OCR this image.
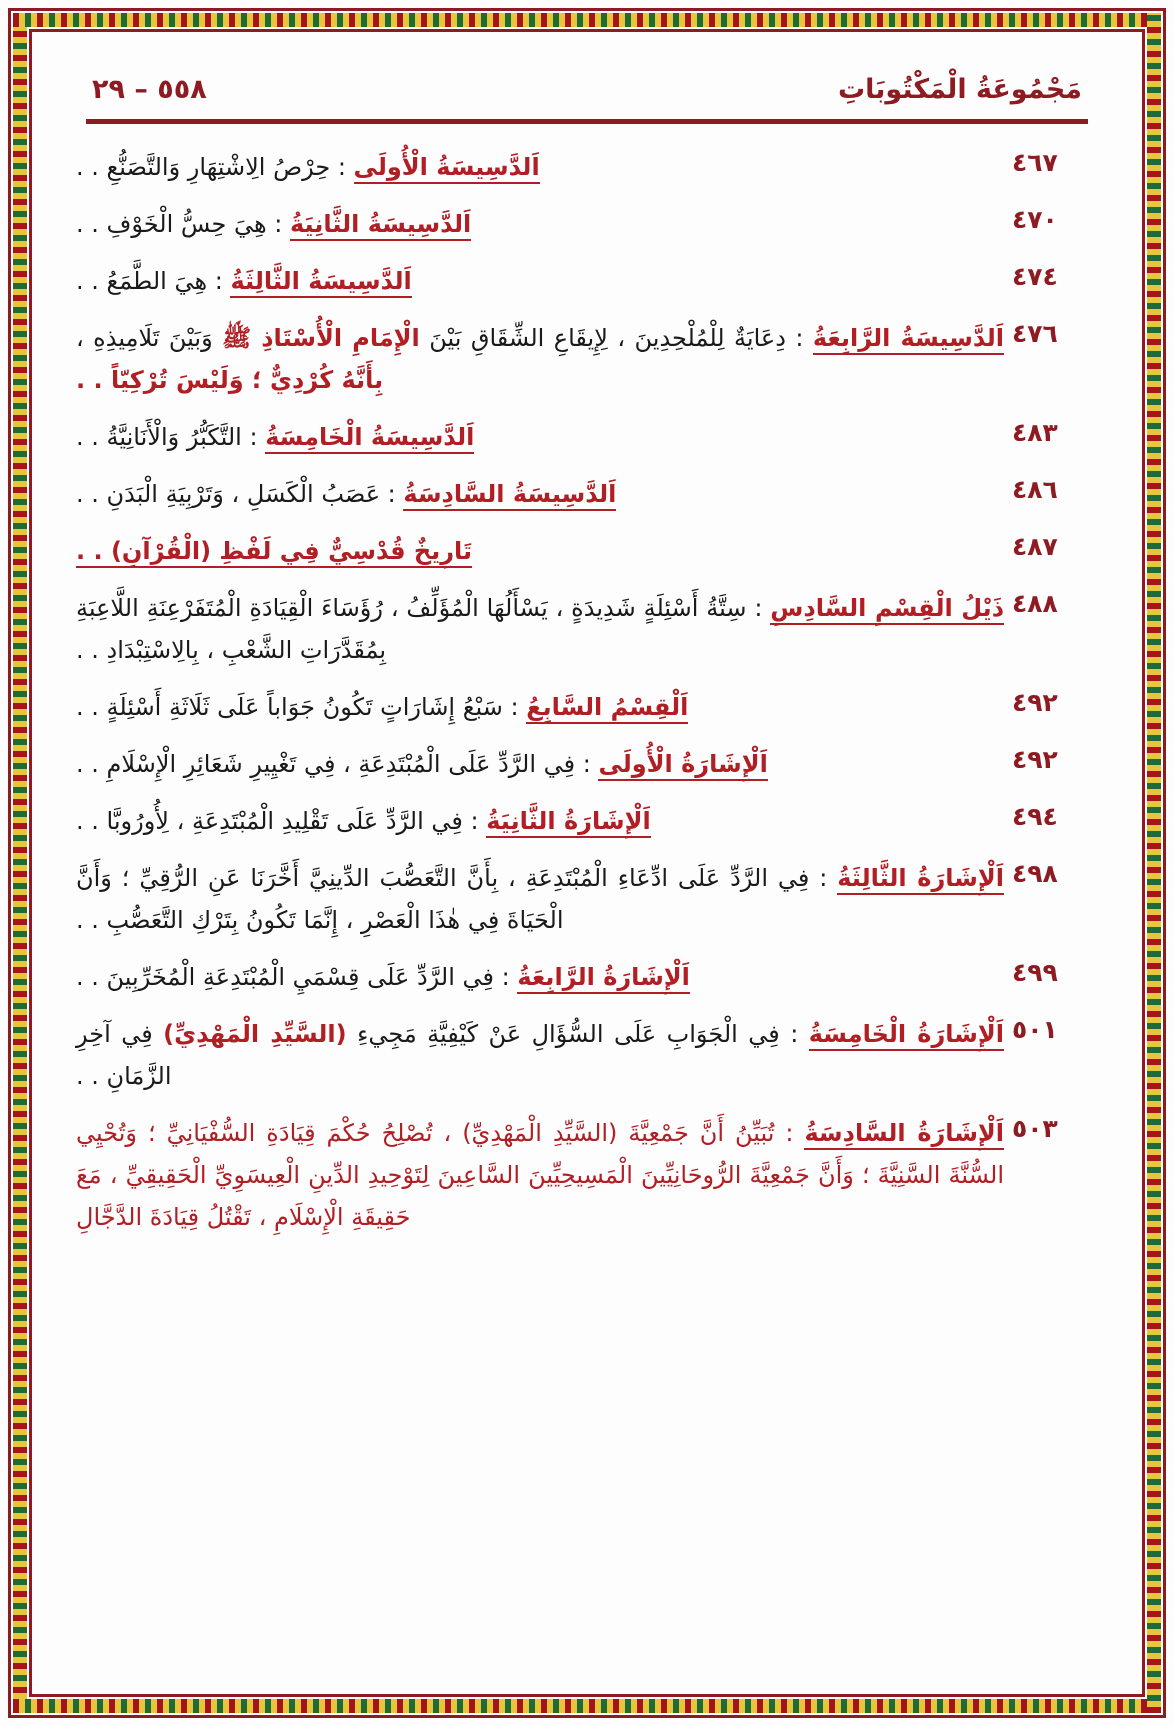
٥٥٨ – ٢٩	مَجْمُوعَةُ الْمَكْتُوبَاتِ
٤٦٧
اَلدَّسِيسَةُ الْأُولَى : حِرْصُ الِاشْتِهَارِ وَالتَّصَنُّعِ . .
٤٧٠
اَلدَّسِيسَةُ الثَّانِيَةُ : هِيَ حِسُّ الْخَوْفِ . .
٤٧٤
اَلدَّسِيسَةُ الثَّالِثَةُ : هِيَ الطَّمَعُ . .
٤٧٦
اَلدَّسِيسَةُ الرَّابِعَةُ : دِعَايَةٌ لِلْمُلْحِدِينَ ، لِإِيقَاعِ الشِّقَاقِ بَيْنَ الْإِمَامِ الْأُسْتَاذِ ﷺ وَبَيْنَ تَلَامِيذِهِ ، بِأَنَّهُ كُرْدِيٌّ ؛ وَلَيْسَ تُرْكِيّاً . .
٤٨٣
اَلدَّسِيسَةُ الْخَامِسَةُ : التَّكَبُّرُ وَالْأَنَانِيَّةُ . .
٤٨٦
اَلدَّسِيسَةُ السَّادِسَةُ : عَصَبُ الْكَسَلِ ، وَتَرْبِيَةِ الْبَدَنِ . .
٤٨٧
تَارِيخٌ قُدْسِيٌّ فِي لَفْظِ (الْقُرْآنِ) . .
٤٨٨
ذَيْلُ الْقِسْمِ السَّادِسِ : سِتَّةُ أَسْئِلَةٍ شَدِيدَةٍ ، يَسْأَلُهَا الْمُؤَلِّفُ ، رُؤَسَاءَ الْقِيَادَةِ الْمُتَفَرْعِنَةِ اللَّاعِبَةِ بِمُقَدَّرَاتِ الشَّعْبِ ، بِالِاسْتِبْدَادِ . .
٤٩٢
اَلْقِسْمُ السَّابِعُ : سَبْعُ إِشَارَاتٍ تَكُونُ جَوَاباً عَلَى ثَلَاثَةِ أَسْئِلَةٍ . .
٤٩٢
اَلْإِشَارَةُ الْأُولَى : فِي الرَّدِّ عَلَى الْمُبْتَدِعَةِ ، فِي تَغْيِيرِ شَعَائِرِ الْإِسْلَامِ . .
٤٩٤
اَلْإِشَارَةُ الثَّانِيَةُ : فِي الرَّدِّ عَلَى تَقْلِيدِ الْمُبْتَدِعَةِ ، لِأُورُوبَّا . .
٤٩٨
اَلْإِشَارَةُ الثَّالِثَةُ : فِي الرَّدِّ عَلَى ادِّعَاءِ الْمُبْتَدِعَةِ ، بِأَنَّ التَّعَصُّبَ الدِّينِيَّ أَخَّرَنَا عَنِ الرُّقِيِّ ؛ وَأَنَّ الْحَيَاةَ فِي هٰذَا الْعَصْرِ ، إِنَّمَا تَكُونُ بِتَرْكِ التَّعَصُّبِ . .
٤٩٩
اَلْإِشَارَةُ الرَّابِعَةُ : فِي الرَّدِّ عَلَى قِسْمَيِ الْمُبْتَدِعَةِ الْمُخَرِّبِينَ . .
٥٠١
اَلْإِشَارَةُ الْخَامِسَةُ : فِي الْجَوَابِ عَلَى السُّؤَالِ عَنْ كَيْفِيَّةِ مَجِيءِ (السَّيِّدِ الْمَهْدِيِّ) فِي آخِرِ الزَّمَانِ . .
٥٠٣
اَلْإِشَارَةُ السَّادِسَةُ : تُبَيِّنُ أَنَّ جَمْعِيَّةَ (السَّيِّدِ الْمَهْدِيِّ) ، تُصْلِحُ حُكْمَ قِيَادَةِ السُّفْيَانِيِّ ؛ وَتُحْيِي السُّنَّةَ السَّنِيَّةَ ؛ وَأَنَّ جَمْعِيَّةَ الرُّوحَانِيِّينَ الْمَسِيحِيِّينَ السَّاعِينَ لِتَوْحِيدِ الدِّينِ الْعِيسَوِيِّ الْحَقِيقِيِّ ، مَعَ حَقِيقَةِ الْإِسْلَامِ ، تَقْتُلُ قِيَادَةَ الدَّجَّالِ
